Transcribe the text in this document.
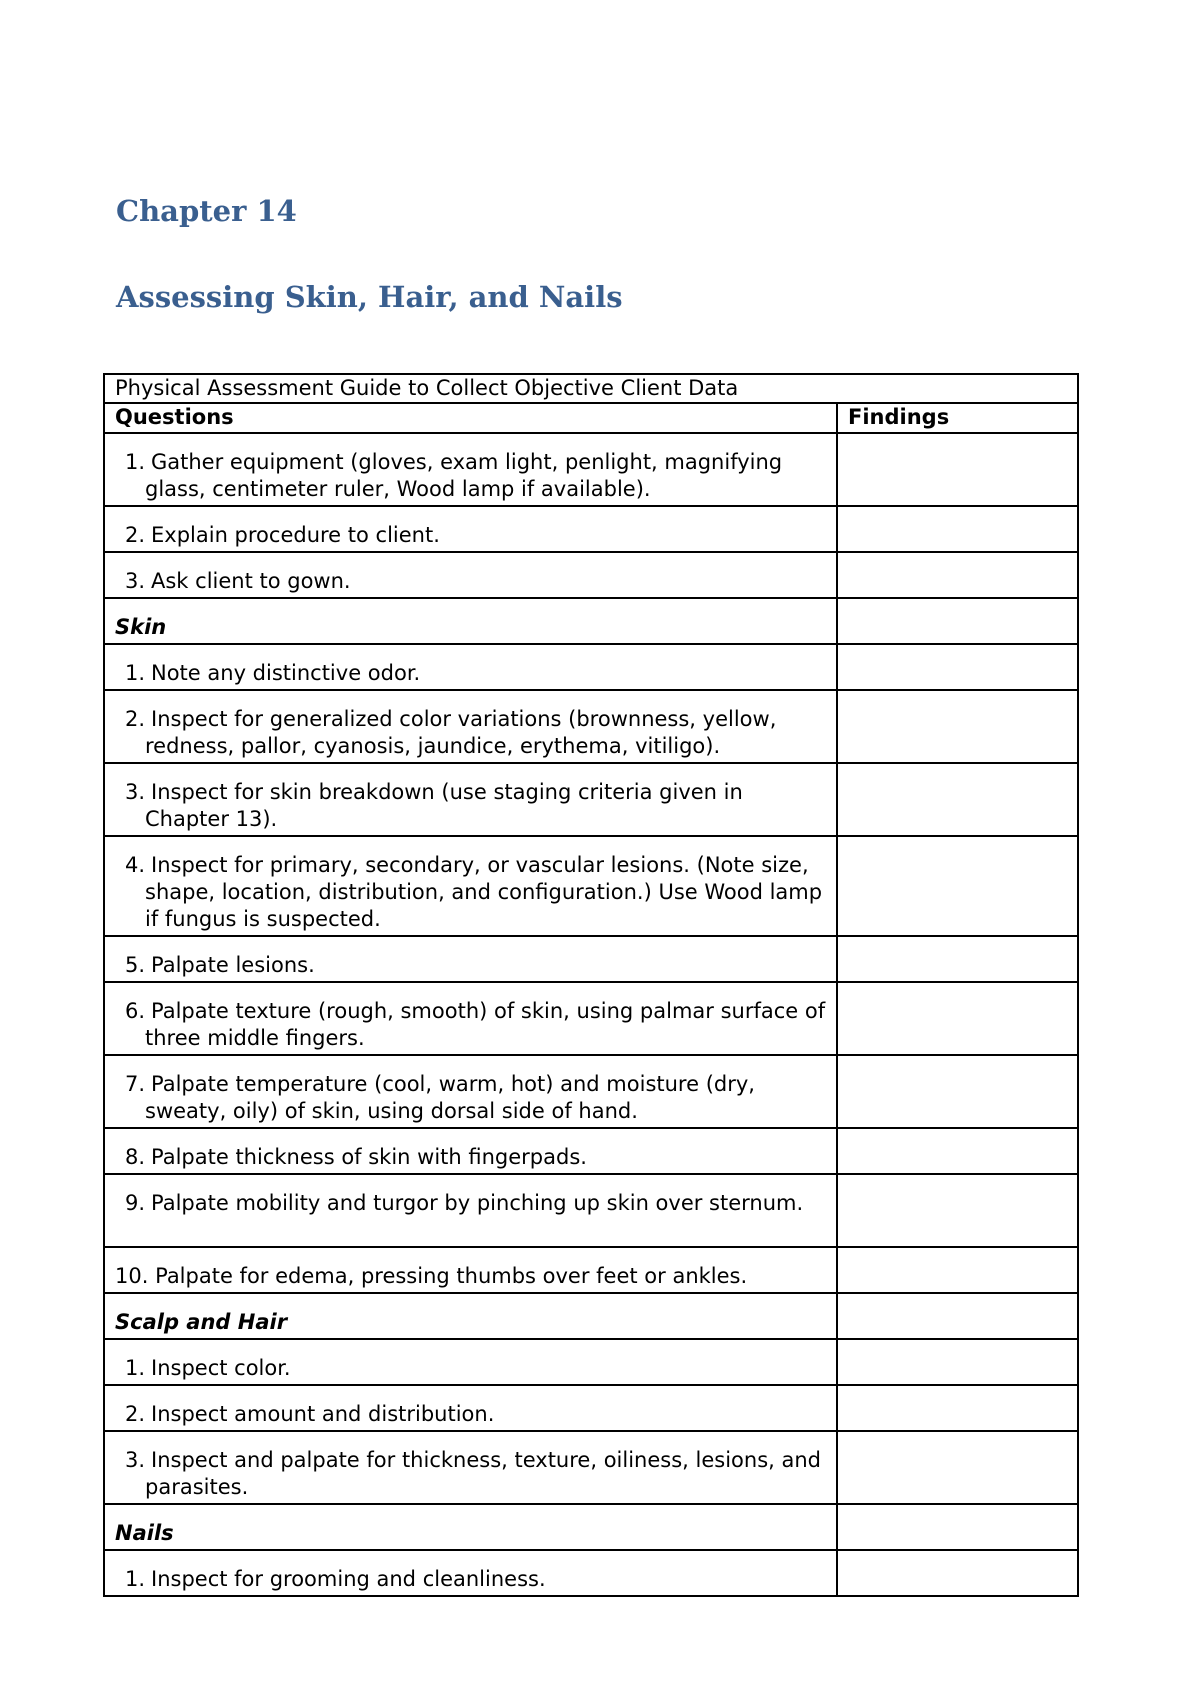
Chapter 14
Assessing Skin, Hair, and Nails
Physical Assessment Guide to Collect Objective Client Data	
Questions	Findings

1. Gather equipment (gloves, exam light, penlight, magnifying glass, centimeter ruler, Wood lamp if available).	

2. Explain procedure to client.	

3. Ask client to gown.	

Skin	

1. Note any distinctive odor.	

2. Inspect for generalized color variations (brownness, yellow, redness, pallor, cyanosis, jaundice, erythema, vitiligo).	

3. Inspect for skin breakdown (use staging criteria given in Chapter 13).	

4. Inspect for primary, secondary, or vascular lesions. (Note size, shape, location, distribution, and configuration.) Use Wood lamp if fungus is suspected.	

5. Palpate lesions.	

6. Palpate texture (rough, smooth) of skin, using palmar surface of three middle fingers.	

7. Palpate temperature (cool, warm, hot) and moisture (dry, sweaty, oily) of skin, using dorsal side of hand.	

8. Palpate thickness of skin with fingerpads.	

9. Palpate mobility and turgor by pinching up skin over sternum.	

10. Palpate for edema, pressing thumbs over feet or ankles.	
Scalp and Hair	

1. Inspect color.	

2. Inspect amount and distribution.	

3. Inspect and palpate for thickness, texture, oiliness, lesions, and parasites.	

Nails	

1. Inspect for grooming and cleanliness.	
